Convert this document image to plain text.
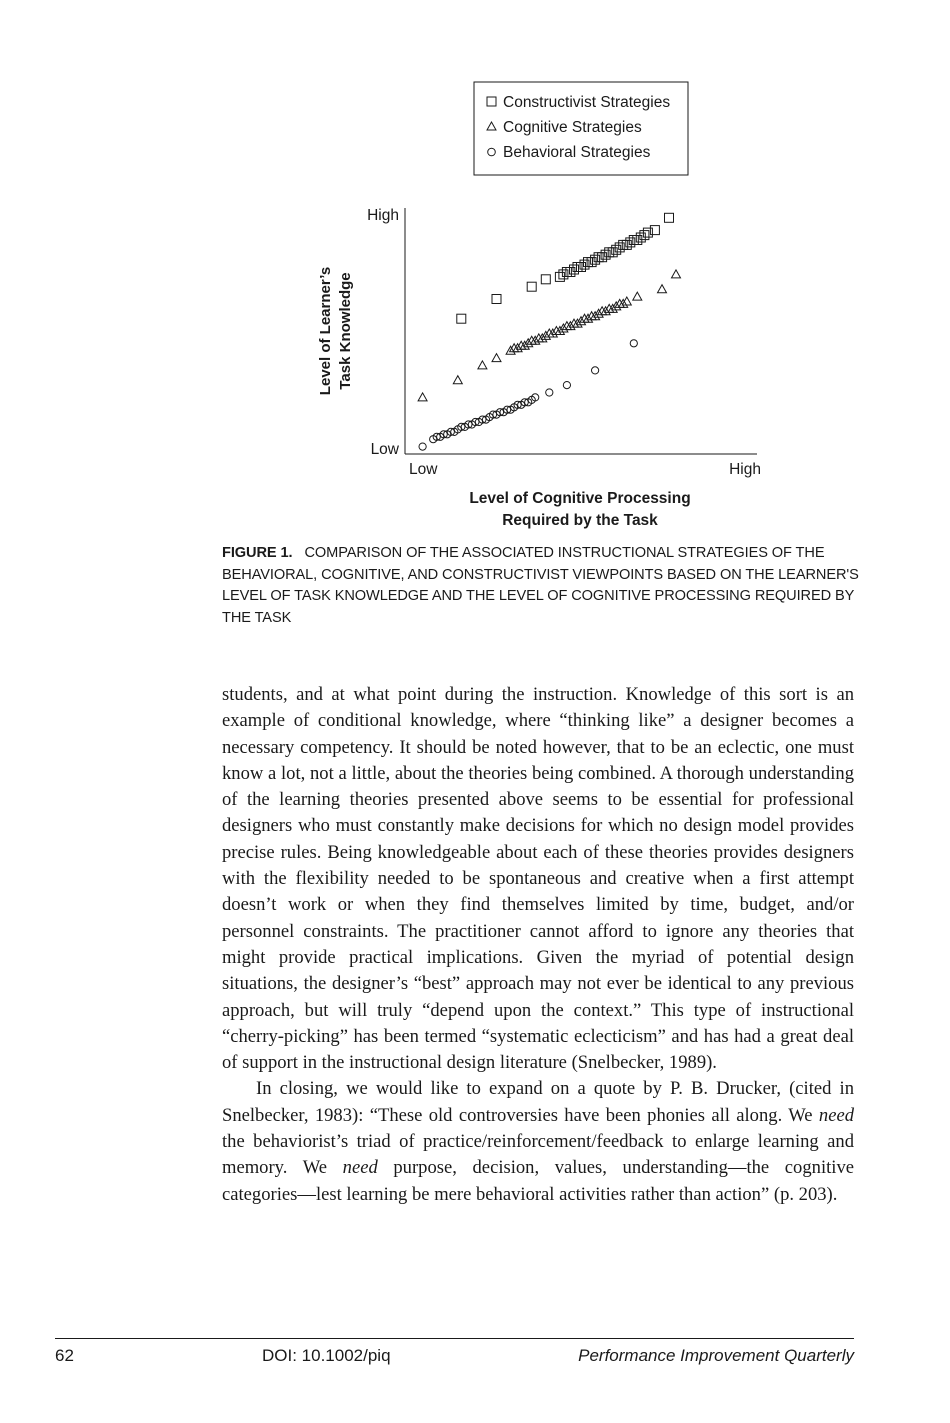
Constructivist Strategies
Cognitive Strategies
Behavioral Strategies
High
Low
Low	High
Level of Learner’s Task Knowledge
Level of Cognitive Processing
Required by the Task
FIGURE 1. COMPARISON OF THE ASSOCIATED INSTRUCTIONAL STRATEGIES OF THE BEHAVIORAL, COGNITIVE, AND CONSTRUCTIVIST VIEWPOINTS BASED ON THE LEARNER'S LEVEL OF TASK KNOWLEDGE AND THE LEVEL OF COGNITIVE PROCESSING REQUIRED BY THE TASK

students, and at what point during the instruction. Knowledge of this sort is an example of conditional knowledge, where “thinking like” a designer becomes a necessary competency. It should be noted however, that to be an eclectic, one must know a lot, not a little, about the theories being combined. A thorough understanding of the learning theories presented above seems to be essential for professional designers who must constantly make decisions for which no design model provides precise rules. Being knowledgeable about each of these theories provides designers with the flexibility needed to be spontaneous and creative when a first attempt doesn’t work or when they find themselves limited by time, budget, and/or personnel constraints. The practitioner cannot afford to ignore any theories that might provide practical implications. Given the myriad of potential design situations, the designer’s “best” approach may not ever be identical to any previous approach, but will truly “depend upon the context.” This type of instructional “cherry-picking” has been termed “systematic eclecticism” and has had a great deal of support in the instructional design literature (Snelbecker, 1989).

In closing, we would like to expand on a quote by P. B. Drucker, (cited in Snelbecker, 1983): “These old controversies have been phonies all along. We need the behaviorist’s triad of practice/reinforcement/feedback to enlarge learning and memory. We need purpose, decision, values, understanding—the cognitive categories—lest learning be mere behavioral activities rather than action” (p. 203).

62	DOI: 10.1002/piq	Performance Improvement Quarterly
